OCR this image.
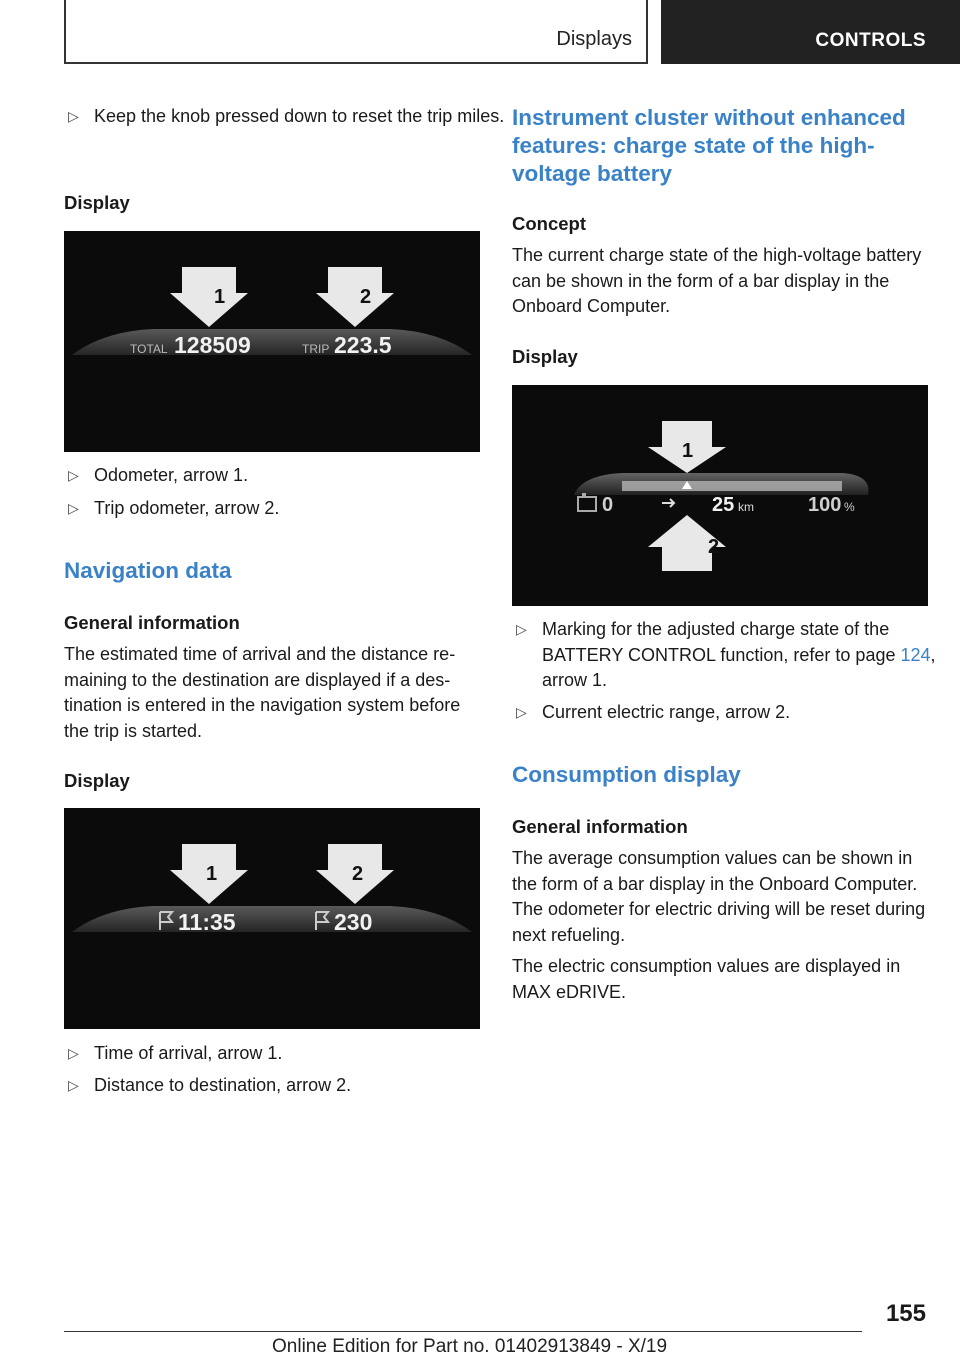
Displays	CONTROLS
▷ Keep the knob pressed down to reset the trip miles.

Display

1	2
TOTAL 128509	TRIP 223.5
▷ Odometer, arrow 1.
▷ Trip odometer, arrow 2.

Navigation data

General information

The estimated time of arrival and the distance remaining to the destination are displayed if a destination is entered in the navigation system before the trip is started.

Display

1	2
11:35	230
▷ Time of arrival, arrow 1.
▷ Distance to destination, arrow 2.

Instrument cluster without enhanced features: charge state of the high-voltage battery

Concept

The current charge state of the high-voltage battery can be shown in the form of a bar display in the Onboard Computer.

Display

1
0	25 km	100 %
2
▷ Marking for the adjusted charge state of the BATTERY CONTROL function, refer to page 124, arrow 1.
▷ Current electric range, arrow 2.

Consumption display

General information

The average consumption values can be shown in the form of a bar display in the Onboard Computer. The odometer for electric driving will be reset during next refueling.

The electric consumption values are displayed in MAX eDRIVE.

155
Online Edition for Part no. 01402913849 - X/19
